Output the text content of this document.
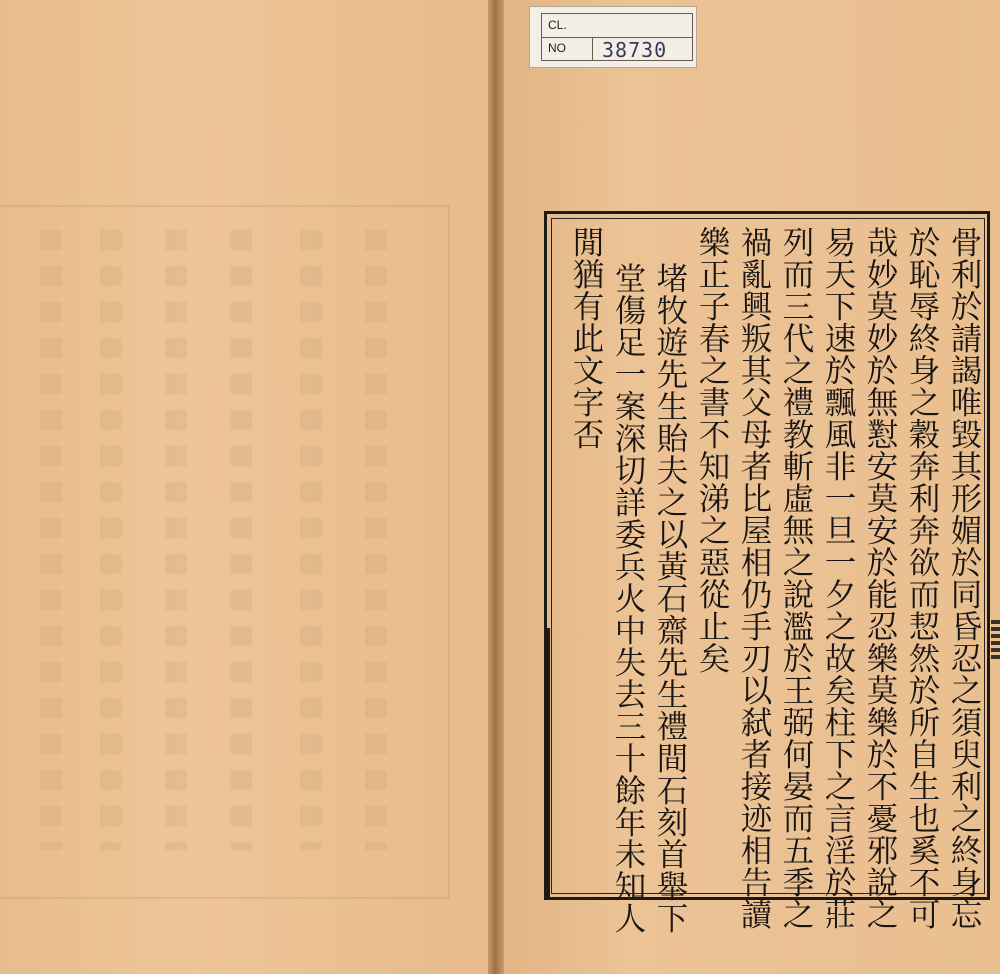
CL.
NO 38730
骨利於請謁唯毀其形媚於同昏忍之須臾利之終身忘
於恥辱終身之穀奔利奔欲而恝然於所自生也奚不可
哉妙莫妙於無懟安莫安於能忍樂莫樂於不憂邪說之
易天下速於飄風非一旦一夕之故矣柱下之言淫於莊
列而三代之禮教斬虛無之說濫於王弼何晏而五季之
禍亂興叛其父母者比屋相仍手刃以弑者接迹相告讀
樂正子春之書不知涕之惡從止矣
堵牧遊先生貽夫之以黃石齋先生禮間石刻首舉下
堂傷足一案深切詳委兵火中失去三十餘年未知人
閒猶有此文字否
